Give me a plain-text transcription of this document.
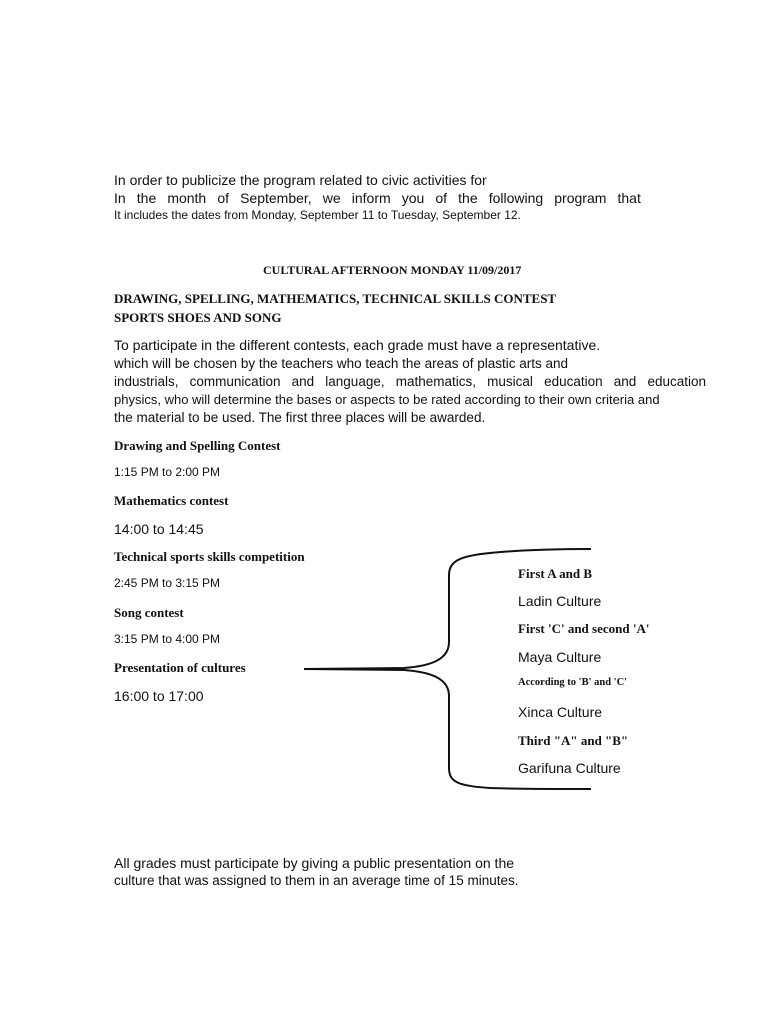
In order to publicize the program related to civic activities for
In the month of September, we inform you of the following program that
It includes the dates from Monday, September 11 to Tuesday, September 12.
CULTURAL AFTERNOON MONDAY 11/09/2017
DRAWING, SPELLING, MATHEMATICS, TECHNICAL SKILLS CONTEST
SPORTS SHOES AND SONG
To participate in the different contests, each grade must have a representative.
which will be chosen by the teachers who teach the areas of plastic arts and
industrials, communication and language, mathematics, musical education and education
physics, who will determine the bases or aspects to be rated according to their own criteria and
the material to be used. The first three places will be awarded.
Drawing and Spelling Contest
1:15 PM to 2:00 PM
Mathematics contest
14:00 to 14:45
Technical sports skills competition
2:45 PM to 3:15 PM
Song contest
3:15 PM to 4:00 PM
Presentation of cultures
16:00 to 17:00
First A and B
Ladin Culture
First 'C' and second 'A'
Maya Culture
According to 'B' and 'C'
Xinca Culture
Third "A" and "B"
Garifuna Culture
All grades must participate by giving a public presentation on the
culture that was assigned to them in an average time of 15 minutes.
